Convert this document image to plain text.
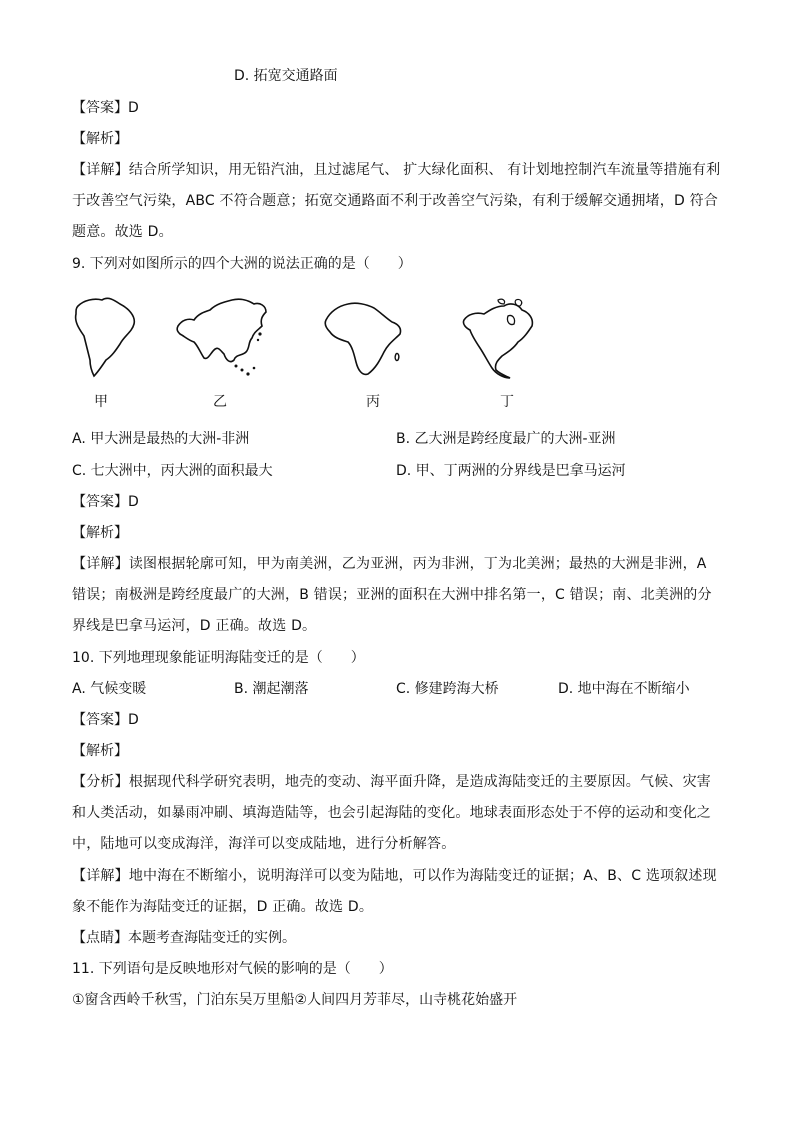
D. 拓宽交通路面
【答案】D
【解析】
【详解】结合所学知识，用无铅汽油，且过滤尾气、 扩大绿化面积、 有计划地控制汽车流量等措施有利于改善空气污染，ABC 不符合题意；拓宽交通路面不利于改善空气污染，有利于缓解交通拥堵，D 符合题意。故选 D。
9. 下列对如图所示的四个大洲的说法正确的是（　　）
甲	乙	丙	丁
A. 甲大洲是最热的大洲-非洲	B. 乙大洲是跨经度最广的大洲-亚洲
C. 七大洲中，丙大洲的面积最大	D. 甲、丁两洲的分界线是巴拿马运河
【答案】D
【解析】
【详解】读图根据轮廓可知，甲为南美洲，乙为亚洲，丙为非洲，丁为北美洲；最热的大洲是非洲，A 错误；南极洲是跨经度最广的大洲，B 错误；亚洲的面积在大洲中排名第一，C 错误；南、北美洲的分界线是巴拿马运河，D 正确。故选 D。
10. 下列地理现象能证明海陆变迁的是（　　）
A. 气候变暖	B. 潮起潮落	C. 修建跨海大桥	D. 地中海在不断缩小
【答案】D
【解析】
【分析】根据现代科学研究表明，地壳的变动、海平面升降，是造成海陆变迁的主要原因。气候、灾害和人类活动，如暴雨冲刷、填海造陆等，也会引起海陆的变化。地球表面形态处于不停的运动和变化之中，陆地可以变成海洋，海洋可以变成陆地，进行分析解答。
【详解】地中海在不断缩小，说明海洋可以变为陆地，可以作为海陆变迁的证据；A、B、C 选项叙述现象不能作为海陆变迁的证据，D 正确。故选 D。
【点睛】本题考查海陆变迁的实例。
11. 下列语句是反映地形对气候的影响的是（　　）
①窗含西岭千秋雪，门泊东吴万里船②人间四月芳菲尽，山寺桃花始盛开
